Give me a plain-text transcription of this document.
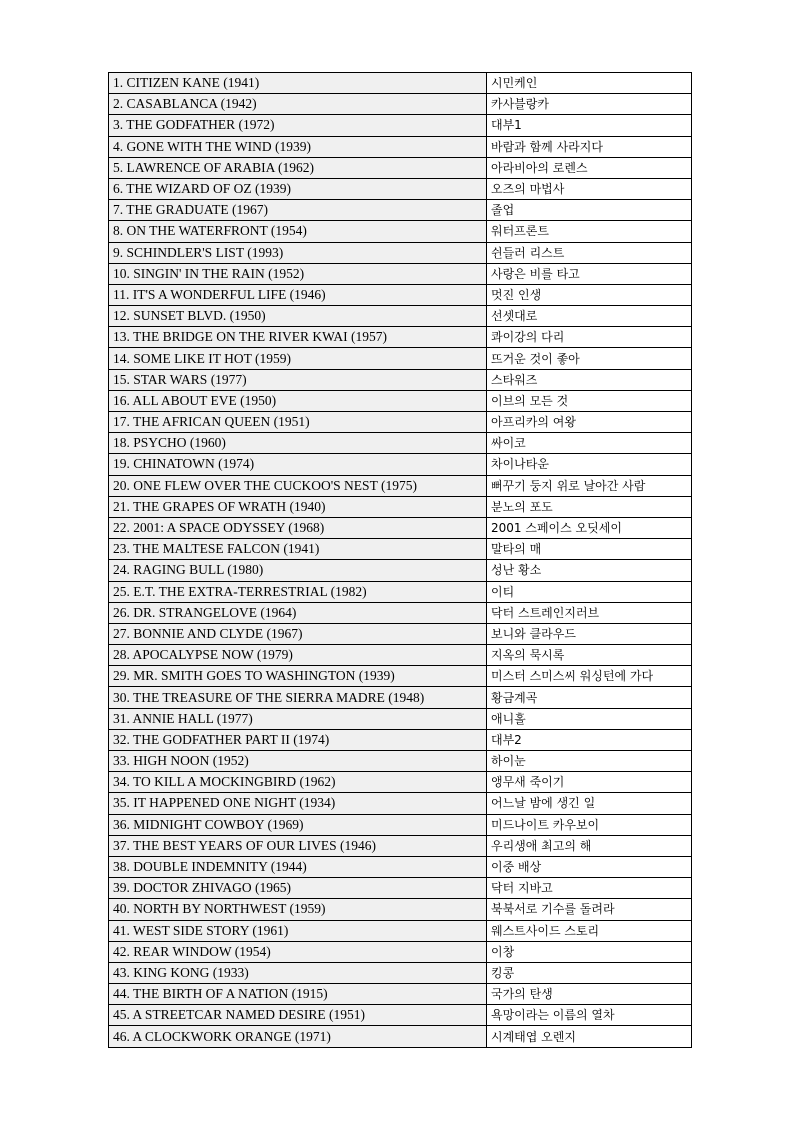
1. CITIZEN KANE (1941)	시민케인
2. CASABLANCA (1942)	카사블랑카
3. THE GODFATHER (1972)	대부1
4. GONE WITH THE WIND (1939)	바람과 함께 사라지다
5. LAWRENCE OF ARABIA (1962)	아라비아의 로렌스
6. THE WIZARD OF OZ (1939)	오즈의 마법사
7. THE GRADUATE (1967)	졸업
8. ON THE WATERFRONT (1954)	워터프론트
9. SCHINDLER'S LIST (1993)	쉰들러 리스트
10. SINGIN' IN THE RAIN (1952)	사랑은 비를 타고
11. IT'S A WONDERFUL LIFE (1946)	멋진 인생
12. SUNSET BLVD. (1950)	선셋대로
13. THE BRIDGE ON THE RIVER KWAI (1957)	콰이강의 다리
14. SOME LIKE IT HOT (1959)	뜨거운 것이 좋아
15. STAR WARS (1977)	스타워즈
16. ALL ABOUT EVE (1950)	이브의 모든 것
17. THE AFRICAN QUEEN (1951)	아프리카의 여왕
18. PSYCHO (1960)	싸이코
19. CHINATOWN (1974)	차이나타운
20. ONE FLEW OVER THE CUCKOO'S NEST (1975)	뻐꾸기 둥지 위로 날아간 사람
21. THE GRAPES OF WRATH (1940)	분노의 포도
22. 2001: A SPACE ODYSSEY (1968)	2001 스페이스 오딧세이
23. THE MALTESE FALCON (1941)	말타의 매
24. RAGING BULL (1980)	성난 황소
25. E.T. THE EXTRA-TERRESTRIAL (1982)	이티
26. DR. STRANGELOVE (1964)	닥터 스트레인지러브
27. BONNIE AND CLYDE (1967)	보니와 클라우드
28. APOCALYPSE NOW (1979)	지옥의 묵시록
29. MR. SMITH GOES TO WASHINGTON (1939)	미스터 스미스씨 워싱턴에 가다
30. THE TREASURE OF THE SIERRA MADRE (1948)	황금계곡
31. ANNIE HALL (1977)	애니홀
32. THE GODFATHER PART II (1974)	대부2
33. HIGH NOON (1952)	하이눈
34. TO KILL A MOCKINGBIRD (1962)	앵무새 죽이기
35. IT HAPPENED ONE NIGHT (1934)	어느날 밤에 생긴 일
36. MIDNIGHT COWBOY (1969)	미드나이트 카우보이
37. THE BEST YEARS OF OUR LIVES (1946)	우리생애 최고의 해
38. DOUBLE INDEMNITY (1944)	이중 배상
39. DOCTOR ZHIVAGO (1965)	닥터 지바고
40. NORTH BY NORTHWEST (1959)	북북서로 기수를 돌려라
41. WEST SIDE STORY (1961)	웨스트사이드 스토리
42. REAR WINDOW (1954)	이창
43. KING KONG (1933)	킹콩
44. THE BIRTH OF A NATION (1915)	국가의 탄생
45. A STREETCAR NAMED DESIRE (1951)	욕망이라는 이름의 열차
46. A CLOCKWORK ORANGE (1971)	시계태엽 오렌지
